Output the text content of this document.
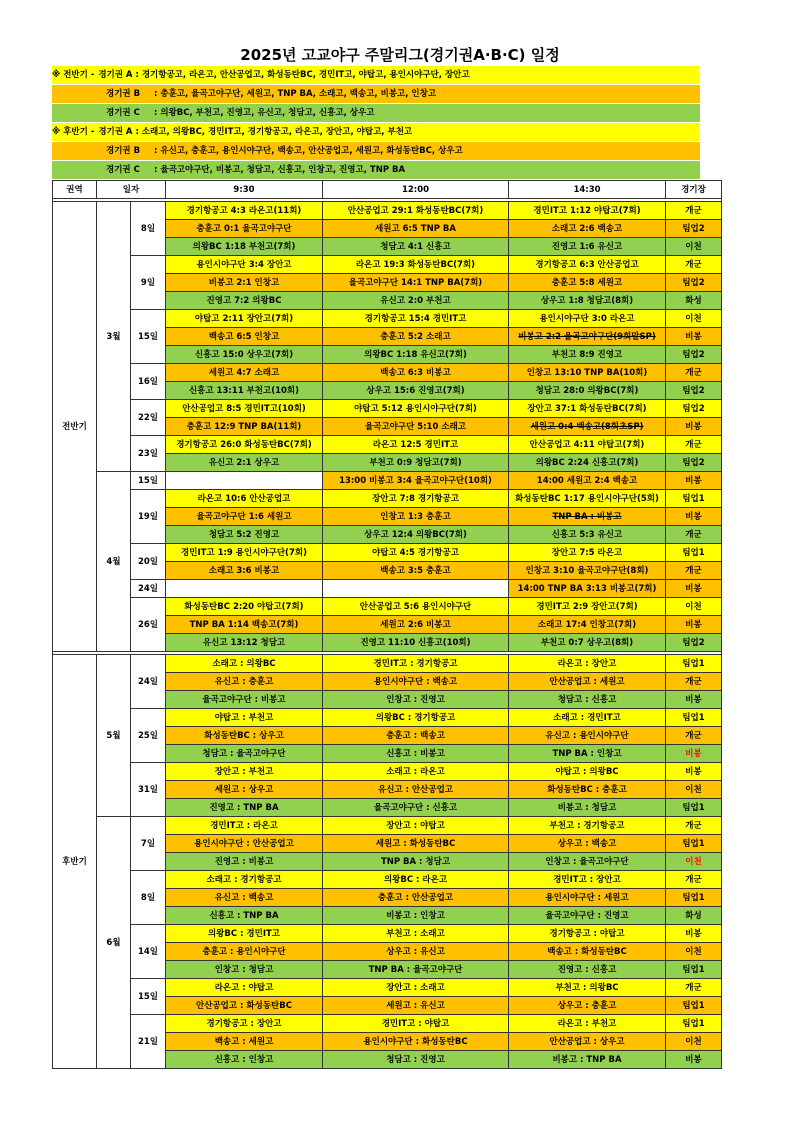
2025년 고교야구 주말리그(경기권A·B·C) 일정
※ 전반기 - 경기권 A : 경기항공고, 라온고, 안산공업고, 화성동탄BC, 경민IT고, 야탑고, 용인시야구단, 장안고
경기권 B: 충훈고, 율곡고야구단, 세원고, TNP BA, 소래고, 백송고, 비봉고, 인창고
경기권 C: 의왕BC, 부천고, 진영고, 유신고, 청담고, 신흥고, 상우고
※ 후반기 - 경기권 A : 소래고, 의왕BC, 경민IT고, 경기항공고, 라온고, 장안고, 야탑고, 부천고
경기권 B: 유신고, 충훈고, 용인시야구단, 백송고, 안산공업고, 세원고, 화성동탄BC, 상우고
경기권 C: 율곡고야구단, 비봉고, 청담고, 신흥고, 인창고, 진영고, TNP BA
권역	일자		9:30	12:00	14:30	경기장

전반기	3월	8일	경기항공고 4:3 라온고(11회)	안산공업고 29:1 화성동탄BC(7회)	경민IT고 1:12 야탑고(7회)	개군
			충훈고 0:1 율곡고야구단	세원고 6:5 TNP BA	소래고 2:6 백송고	팀업2
			의왕BC 1:18 부천고(7회)	청담고 4:1 신흥고	진영고 1:6 유신고	이천
		9일	용인시야구단 3:4 장안고	라온고 19:3 화성동탄BC(7회)	경기항공고 6:3 안산공업고	개군
			비봉고 2:1 인창고	율곡고야구단 14:1 TNP BA(7회)	충훈고 5:8 세원고	팀업2
			진영고 7:2 의왕BC	유신고 2:0 부천고	상우고 1:8 청담고(8회)	화성
		15일	야탑고 2:11 장안고(7회)	경기항공고 15:4 경민IT고	용인시야구단 3:0 라온고	이천
			백송고 6:5 인창고	충훈고 5:2 소래고	비봉고 2:2 율곡고야구단(9회말SP)	비봉
			신흥고 15:0 상우고(7회)	의왕BC 1:18 유신고(7회)	부천고 8:9 진영고	팀업2
		16일	세원고 4:7 소래고	백송고 6:3 비봉고	인창고 13:10 TNP BA(10회)	개군
			신흥고 13:11 부천고(10회)	상우고 15:6 진영고(7회)	청담고 28:0 의왕BC(7회)	팀업2
		22일	안산공업고 8:5 경민IT고(10회)	야탑고 5:12 용인시야구단(7회)	장안고 37:1 화성동탄BC(7회)	팀업2
			충훈고 12:9 TNP BA(11회)	율곡고야구단 5:10 소래고	세원고 0:4 백송고(8회초SP)	비봉
		23일	경기항공고 26:0 화성동탄BC(7회)	라온고 12:5 경민IT고	안산공업고 4:11 야탑고(7회)	개군
			유신고 2:1 상우고	부천고 0:9 청담고(7회)	의왕BC 2:24 신흥고(7회)	팀업2
	4월	15일		13:00 비봉고 3:4 율곡고야구단(10회)	14:00 세원고 2:4 백송고	비봉
		19일	라온고 10:6 안산공업고	장안고 7:8 경기항공고	화성동탄BC 1:17 용인시야구단(5회)	팀업1
			율곡고야구단 1:6 세원고	인창고 1:3 충훈고	TNP BA : 비봉고	비봉
			청담고 5:2 진영고	상우고 12:4 의왕BC(7회)	신흥고 5:3 유신고	개군
		20일	경민IT고 1:9 용인시야구단(7회)	야탑고 4:5 경기항공고	장안고 7:5 라온고	팀업1
			소래고 3:6 비봉고	백송고 3:5 충훈고	인창고 3:10 율곡고야구단(8회)	개군
		24일			14:00 TNP BA 3:13 비봉고(7회)	비봉
		26일	화성동탄BC 2:20 야탑고(7회)	안산공업고 5:6 용인시야구단	경민IT고 2:9 장안고(7회)	이천
			TNP BA 1:14 백송고(7회)	세원고 2:6 비봉고	소래고 17:4 인창고(7회)	비봉
			유신고 13:12 청담고	진영고 11:10 신흥고(10회)	부천고 0:7 상우고(8회)	팀업2

후반기	5월	24일	소래고 : 의왕BC	경민IT고 : 경기항공고	라온고 : 장안고	팀업1
			유신고 : 충훈고	용인시야구단 : 백송고	안산공업고 : 세원고	개군
			율곡고야구단 : 비봉고	인창고 : 진영고	청담고 : 신흥고	비봉
		25일	야탑고 : 부천고	의왕BC : 경기항공고	소래고 : 경민IT고	팀업1
			화성동탄BC : 상우고	충훈고 : 백송고	유신고 : 용인시야구단	개군
			청담고 : 율곡고야구단	신흥고 : 비봉고	TNP BA : 인창고	비봉
		31일	장안고 : 부천고	소래고 : 라온고	야탑고 : 의왕BC	비봉
			세원고 : 상우고	유신고 : 안산공업고	화성동탄BC : 충훈고	이천
			진영고 : TNP BA	율곡고야구단 : 신흥고	비봉고 : 청담고	팀업1
	6월	7일	경민IT고 : 라온고	장안고 : 야탑고	부천고 : 경기항공고	개군
			용인시야구단 : 안산공업고	세원고 : 화성동탄BC	상우고 : 백송고	팀업1
			진영고 : 비봉고	TNP BA : 청담고	인창고 : 율곡고야구단	이천
		8일	소래고 : 경기항공고	의왕BC : 라온고	경민IT고 : 장안고	개군
			유신고 : 백송고	충훈고 : 안산공업고	용인시야구단 : 세원고	팀업1
			신흥고 : TNP BA	비봉고 : 인창고	율곡고야구단 : 진영고	화성
		14일	의왕BC : 경민IT고	부천고 : 소래고	경기항공고 : 야탑고	비봉
			충훈고 : 용인시야구단	상우고 : 유신고	백송고 : 화성동탄BC	이천
			인창고 : 청담고	TNP BA : 율곡고야구단	진영고 : 신흥고	팀업1
		15일	라온고 : 야탑고	장안고 : 소래고	부천고 : 의왕BC	개군
			안산공업고 : 화성동탄BC	세원고 : 유신고	상우고 : 충훈고	팀업1
		21일	경기항공고 : 장안고	경민IT고 : 야탑고	라온고 : 부천고	팀업1
			백송고 : 세원고	용인시야구단 : 화성동탄BC	안산공업고 : 상우고	이천
			신흥고 : 인창고	청담고 : 진영고	비봉고 : TNP BA	비봉
